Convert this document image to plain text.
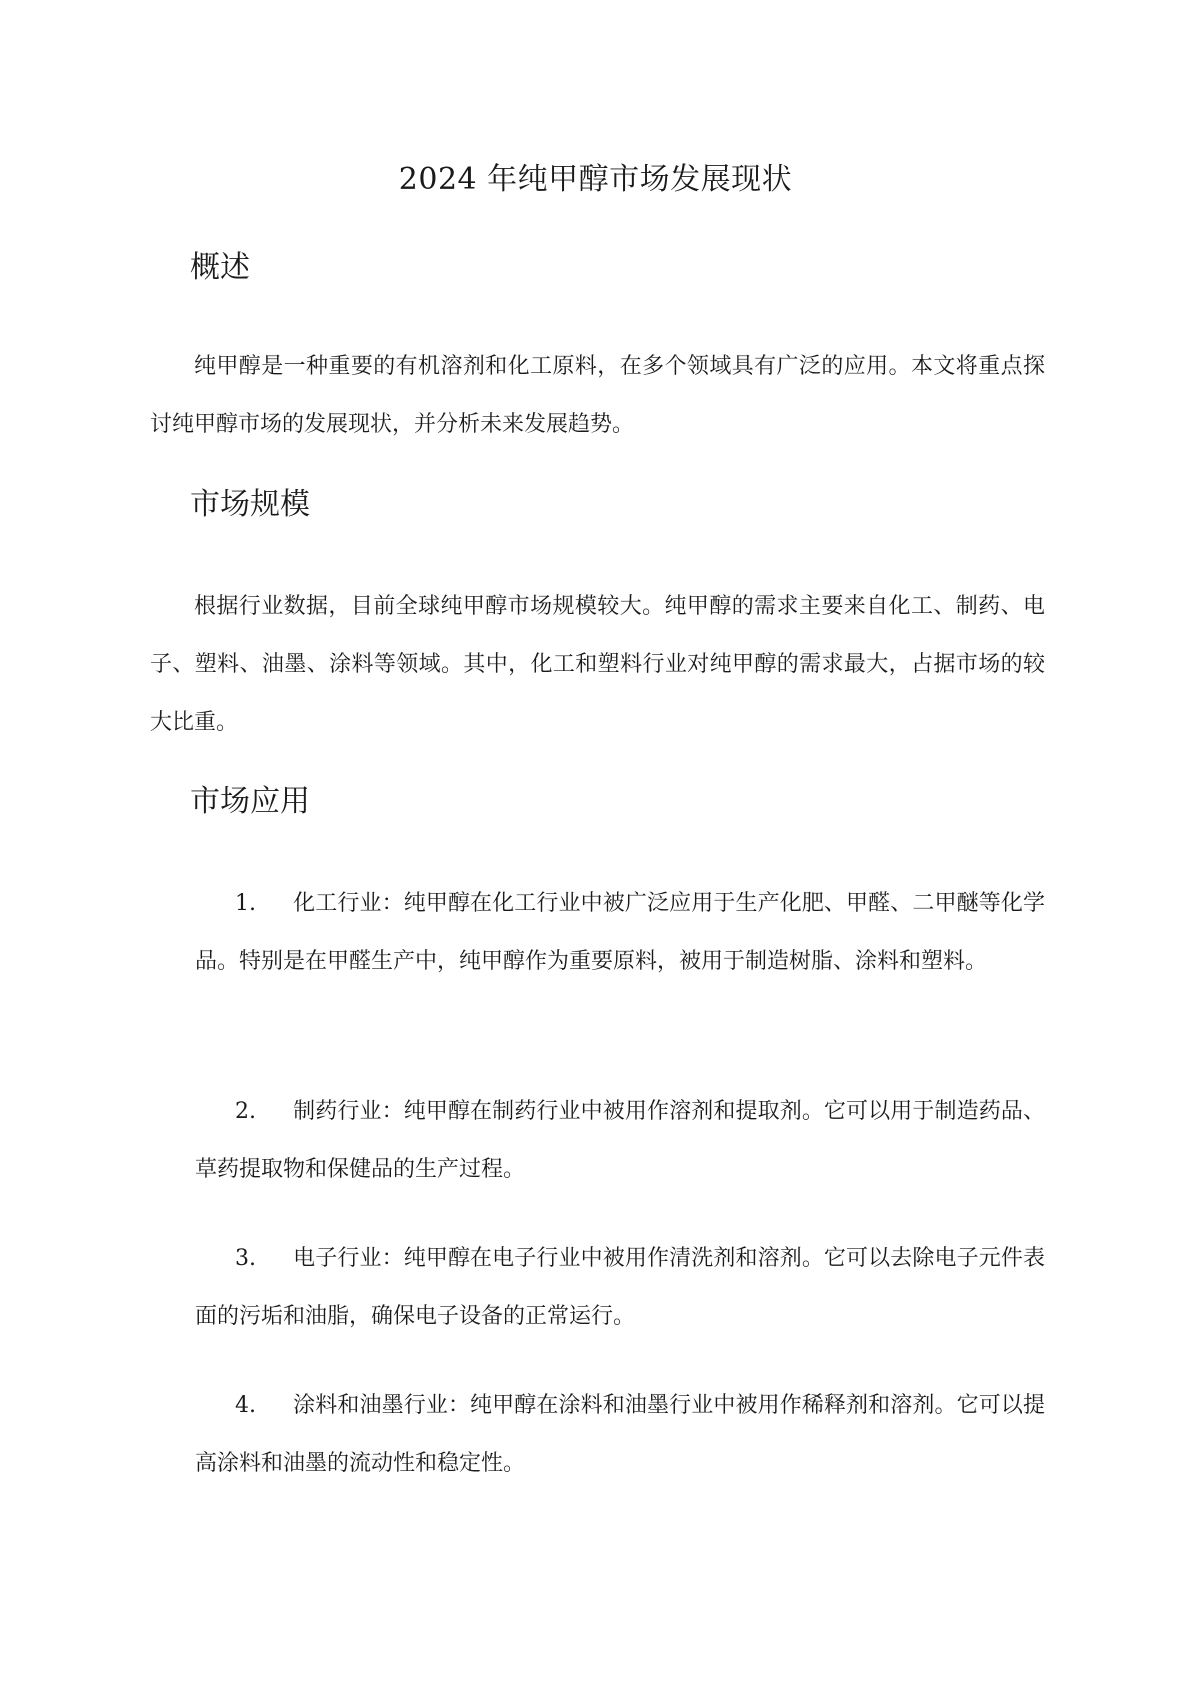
2024 年纯甲醇市场发展现状
概述

纯甲醇是一种重要的有机溶剂和化工原料，在多个领域具有广泛的应用。本文将重点探讨纯甲醇市场的发展现状，并分析未来发展趋势。

市场规模

根据行业数据，目前全球纯甲醇市场规模较大。纯甲醇的需求主要来自化工、制药、电子、塑料、油墨、涂料等领域。其中，化工和塑料行业对纯甲醇的需求最大，占据市场的较大比重。

市场应用

1. 化工行业：纯甲醇在化工行业中被广泛应用于生产化肥、甲醛、二甲醚等化学品。特别是在甲醛生产中，纯甲醇作为重要原料，被用于制造树脂、涂料和塑料。

2. 制药行业：纯甲醇在制药行业中被用作溶剂和提取剂。它可以用于制造药品、草药提取物和保健品的生产过程。

3. 电子行业：纯甲醇在电子行业中被用作清洗剂和溶剂。它可以去除电子元件表面的污垢和油脂，确保电子设备的正常运行。

4. 涂料和油墨行业：纯甲醇在涂料和油墨行业中被用作稀释剂和溶剂。它可以提高涂料和油墨的流动性和稳定性。
